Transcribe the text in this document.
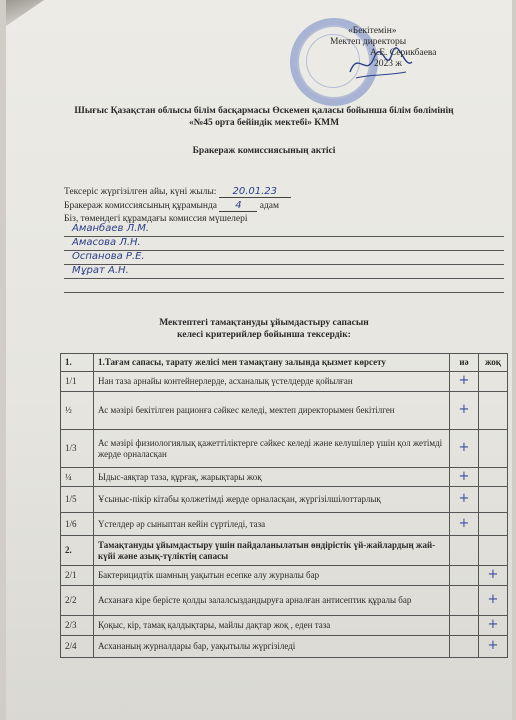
«Бекітемін»
Мектеп директоры
А.Е. Серикбаева
2023 ж
Шығыс Қазақстан облысы білім басқармасы Өскемен қаласы бойынша білім бөлімінің
«№45 орта бейіндік мектебі» КММ
Бракераж комиссиясының актісі
Тексеріс жүргізілген айы, күні жылы: 20.01.23
Бракераж комиссиясының құрамында 4 адам
Біз, төмендегі құрамдағы комиссия мүшелері
Аманбаев Л.М.
Амасова Л.Н.
Оспанова Р.Е.
Мұрат А.Н.
Мектептегі тамақтануды ұйымдастыру сапасын
келесі критерийлер бойынша тексердік:
1.	1.Тағам сапасы, тарату желісі мен тамақтану залында қызмет көрсету	иә	жоқ
1/1	Нан таза арнайы контейнерлерде, асханалық үстелдерде қойылған	+	
½	Ас мәзірі бекітілген рационға сәйкес келеді, мектеп директорымен бекітілген	+	
1/3	Ас мәзірі физиологиялық қажеттіліктерге сәйкес келеді және келушілер үшін қол жетімді жерде орналасқан	+	
¼	Ыдыс-аяқтар таза, құрғақ, жарықтары жоқ	+	
1/5	Ұсыныс-пікір кітабы қолжетімді жерде орналасқан, жүргізілшілоттарлық	+	
1/6	Үстелдер әр сыныптан кейін сүртіледі, таза	+	
2.	Тамақтануды ұйымдастыру үшін пайдаланылатын өндірістік үй-жайлардың жай-күйі және азық-түліктің сапасы		
2/1	Бактерицидтік шамның уақытын есепке алу журналы бар		+
2/2	Асханаға кіре берісте қолды залалсыздандыруға арналған антисептик құралы бар		+
2/3	Қоқыс, кір, тамақ қалдықтары, майлы дақтар жоқ , еден таза		+
2/4	Асхананың журналдары бар, уақытылы жүргізіледі		+
